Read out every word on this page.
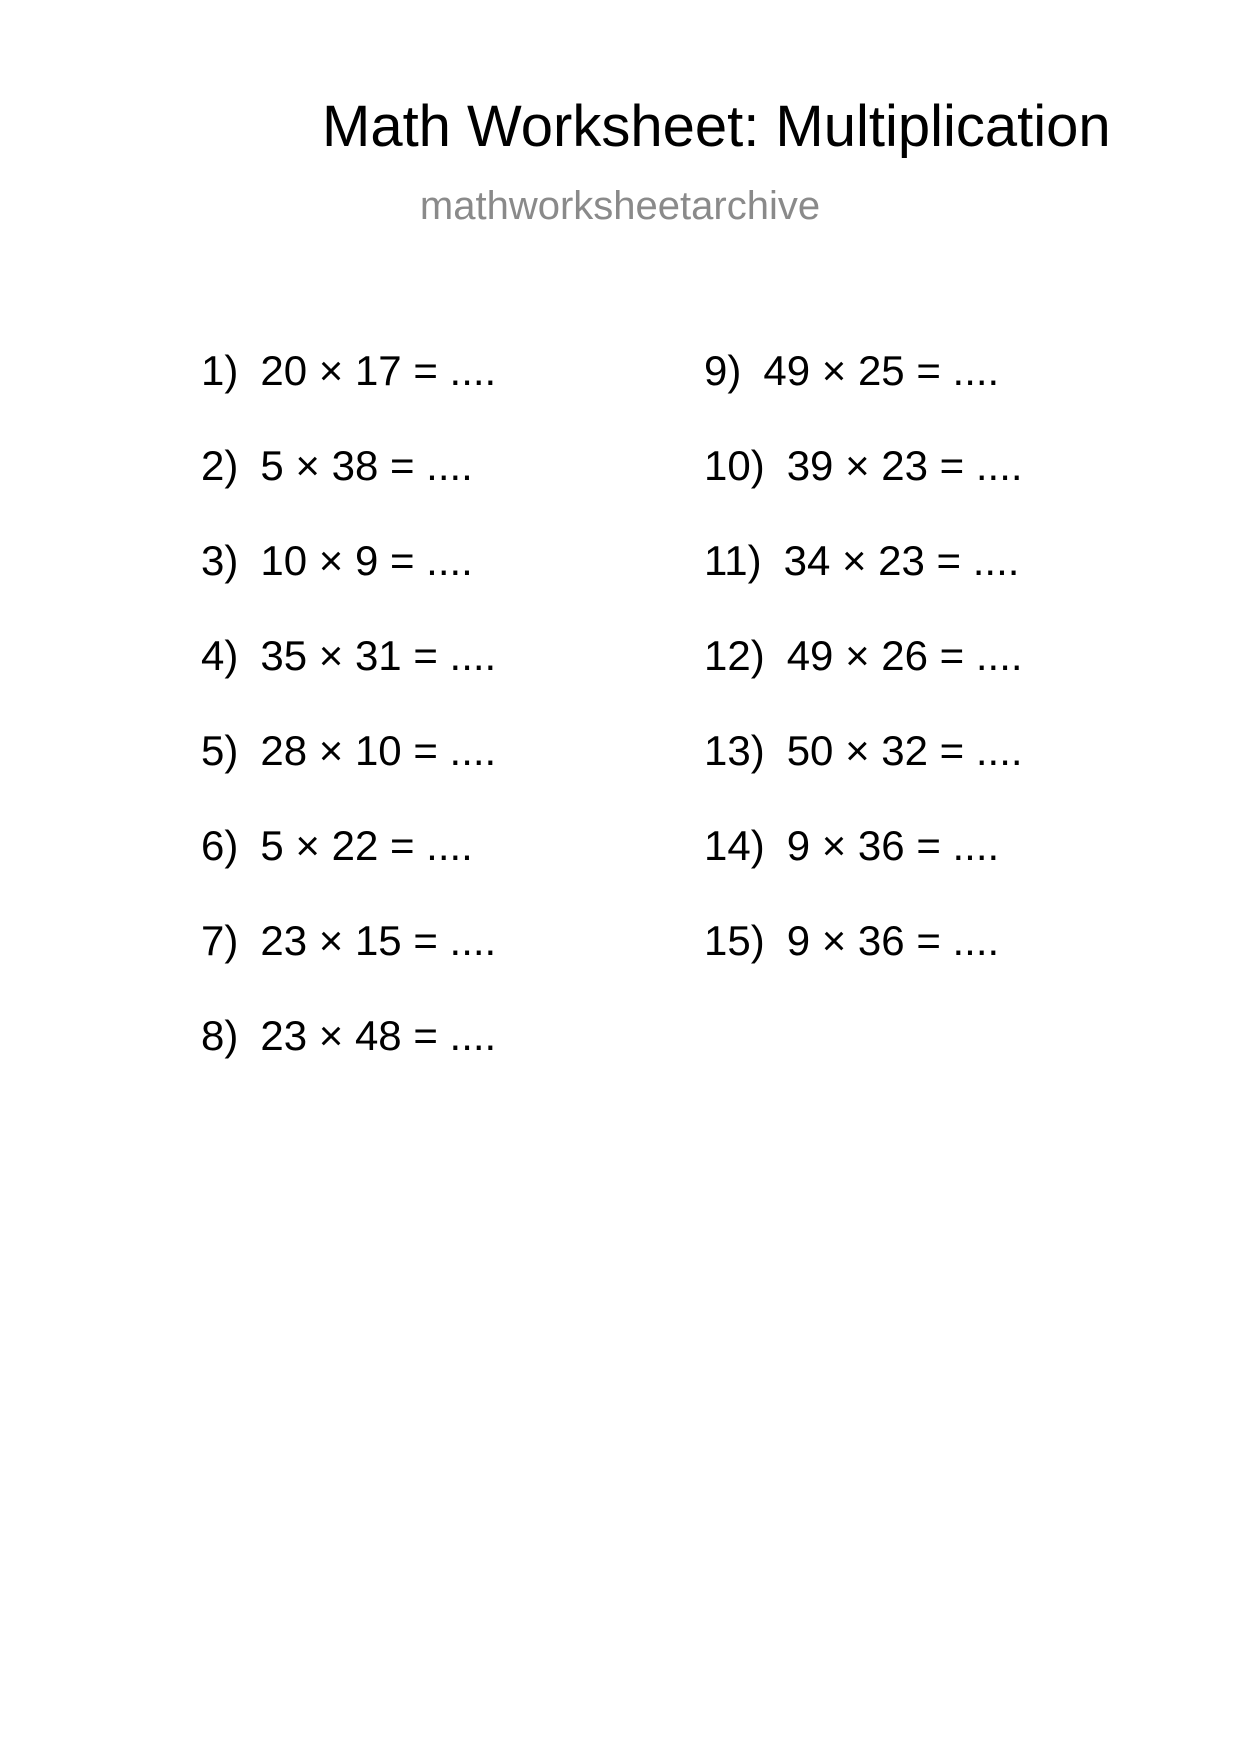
Math Worksheet: Multiplication
mathworksheetarchive
1) 20 × 17 = ....
2) 5 × 38 = ....
3) 10 × 9 = ....
4) 35 × 31 = ....
5) 28 × 10 = ....
6) 5 × 22 = ....
7) 23 × 15 = ....
8) 23 × 48 = ....
9) 49 × 25 = ....
10) 39 × 23 = ....
11) 34 × 23 = ....
12) 49 × 26 = ....
13) 50 × 32 = ....
14) 9 × 36 = ....
15) 9 × 36 = ....
